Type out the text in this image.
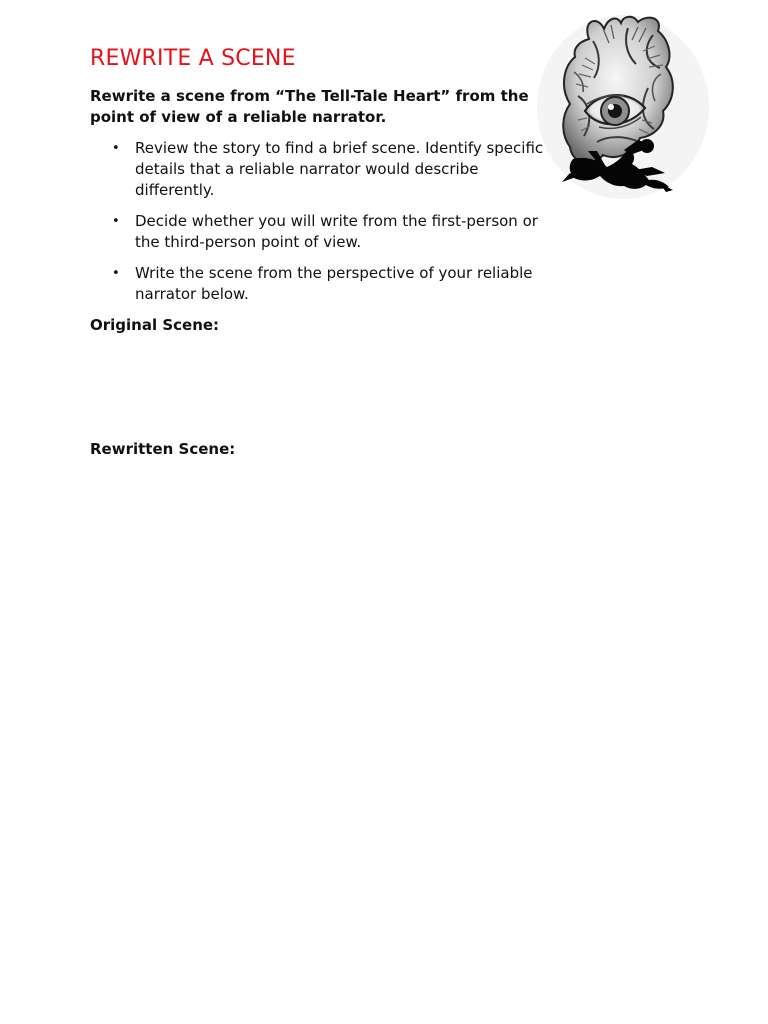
REWRITE A SCENE

Rewrite a scene from “The Tell-Tale Heart” from the point of view of a reliable narrator.

• Review the story to find a brief scene. Identify specific details that a reliable narrator would describe differently.
• Decide whether you will write from the first-person or the third-person point of view.
• Write the scene from the perspective of your reliable narrator below.

Original Scene:

Rewritten Scene:
